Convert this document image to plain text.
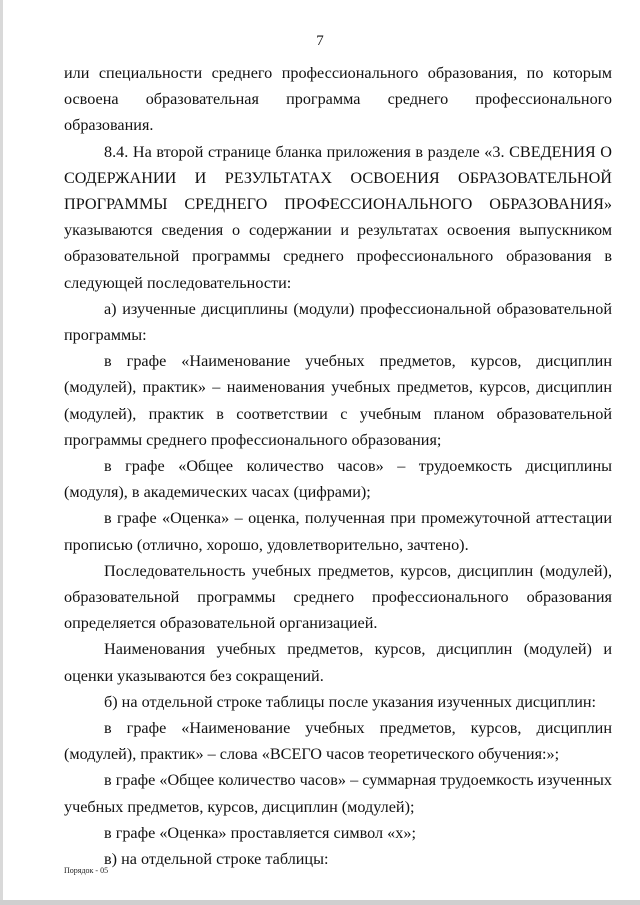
7

или специальности среднего профессионального образования, по которым освоена образовательная программа среднего профессионального образования.

8.4. На второй странице бланка приложения в разделе «3. СВЕДЕНИЯ О СОДЕРЖАНИИ И РЕЗУЛЬТАТАХ ОСВОЕНИЯ ОБРАЗОВАТЕЛЬНОЙ ПРОГРАММЫ СРЕДНЕГО ПРОФЕССИОНАЛЬНОГО ОБРАЗОВАНИЯ» указываются сведения о содержании и результатах освоения выпускником образовательной программы среднего профессионального образования в следующей последовательности:

а) изученные дисциплины (модули) профессиональной образовательной программы:

в графе «Наименование учебных предметов, курсов, дисциплин (модулей), практик» – наименования учебных предметов, курсов, дисциплин (модулей), практик в соответствии с учебным планом образовательной программы среднего профессионального образования;

в графе «Общее количество часов» – трудоемкость дисциплины (модуля), в академических часах (цифрами);

в графе «Оценка» – оценка, полученная при промежуточной аттестации прописью (отлично, хорошо, удовлетворительно, зачтено).

Последовательность учебных предметов, курсов, дисциплин (модулей), образовательной программы среднего профессионального образования определяется образовательной организацией.

Наименования учебных предметов, курсов, дисциплин (модулей) и оценки указываются без сокращений.

б) на отдельной строке таблицы после указания изученных дисциплин:

в графе «Наименование учебных предметов, курсов, дисциплин (модулей), практик» – слова «ВСЕГО часов теоретического обучения:»;

в графе «Общее количество часов» – суммарная трудоемкость изученных учебных предметов, курсов, дисциплин (модулей);

в графе «Оценка» проставляется символ «х»;

в) на отдельной строке таблицы:

Порядок - 05
